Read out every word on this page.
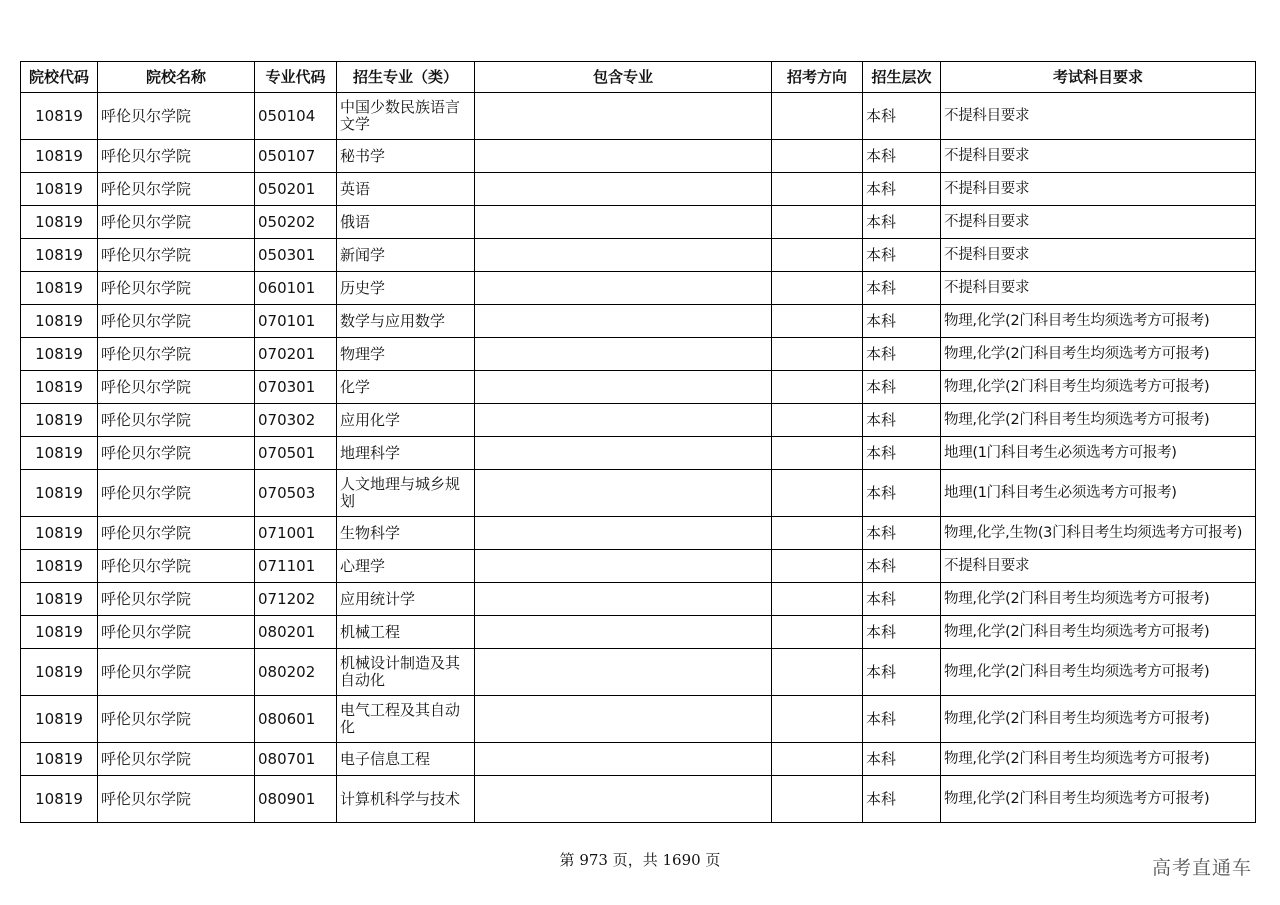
院校代码	院校名称	专业代码	招生专业（类）	包含专业	招考方向	招生层次	考试科目要求
10819	呼伦贝尔学院	050104	中国少数民族语言文学			本科	不提科目要求
10819	呼伦贝尔学院	050107	秘书学			本科	不提科目要求
10819	呼伦贝尔学院	050201	英语			本科	不提科目要求
10819	呼伦贝尔学院	050202	俄语			本科	不提科目要求
10819	呼伦贝尔学院	050301	新闻学			本科	不提科目要求
10819	呼伦贝尔学院	060101	历史学			本科	不提科目要求
10819	呼伦贝尔学院	070101	数学与应用数学			本科	物理,化学(2门科目考生均须选考方可报考)
10819	呼伦贝尔学院	070201	物理学			本科	物理,化学(2门科目考生均须选考方可报考)
10819	呼伦贝尔学院	070301	化学			本科	物理,化学(2门科目考生均须选考方可报考)
10819	呼伦贝尔学院	070302	应用化学			本科	物理,化学(2门科目考生均须选考方可报考)
10819	呼伦贝尔学院	070501	地理科学			本科	地理(1门科目考生必须选考方可报考)
10819	呼伦贝尔学院	070503	人文地理与城乡规划			本科	地理(1门科目考生必须选考方可报考)
10819	呼伦贝尔学院	071001	生物科学			本科	物理,化学,生物(3门科目考生均须选考方可报考)
10819	呼伦贝尔学院	071101	心理学			本科	不提科目要求
10819	呼伦贝尔学院	071202	应用统计学			本科	物理,化学(2门科目考生均须选考方可报考)
10819	呼伦贝尔学院	080201	机械工程			本科	物理,化学(2门科目考生均须选考方可报考)
10819	呼伦贝尔学院	080202	机械设计制造及其自动化			本科	物理,化学(2门科目考生均须选考方可报考)
10819	呼伦贝尔学院	080601	电气工程及其自动化			本科	物理,化学(2门科目考生均须选考方可报考)
10819	呼伦贝尔学院	080701	电子信息工程			本科	物理,化学(2门科目考生均须选考方可报考)
10819	呼伦贝尔学院	080901	计算机科学与技术			本科	物理,化学(2门科目考生均须选考方可报考)
第 973 页，共 1690 页	高考直通车
